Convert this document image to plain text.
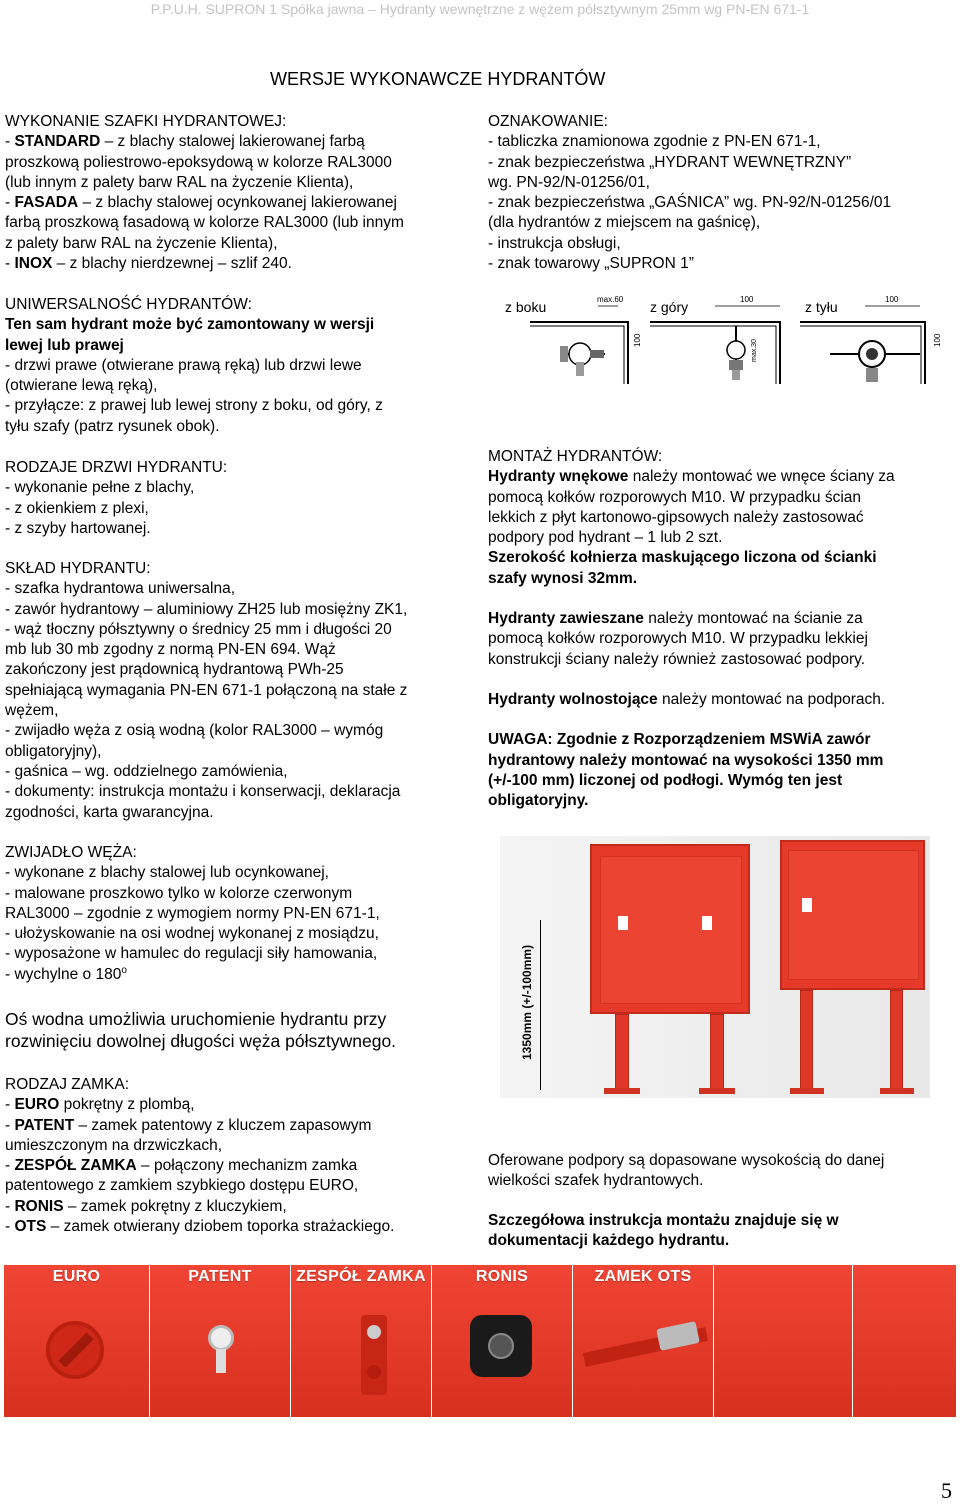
P.P.U.H. SUPRON 1 Spółka jawna – Hydranty wewnętrzne z wężem półsztywnym 25mm wg PN-EN 671-1
WERSJE WYKONAWCZE HYDRANTÓW

WYKONANIE SZAFKI HYDRANTOWEJ:

- STANDARD – z blachy stalowej lakierowanej farbą

proszkową poliestrowo-epoksydową w kolorze RAL3000

(lub innym z palety barw RAL na życzenie Klienta),

- FASADA – z blachy stalowej ocynkowanej lakierowanej

farbą proszkową fasadową w kolorze RAL3000 (lub innym

z palety barw RAL na życzenie Klienta),

- INOX – z blachy nierdzewnej – szlif 240.

OZNAKOWANIE:

- tabliczka znamionowa zgodnie z PN-EN 671-1,

- znak bezpieczeństwa „HYDRANT WEWNĘTRZNY”

wg. PN-92/N-01256/01,

- znak bezpieczeństwa „GAŚNICA” wg. PN-92/N-01256/01

(dla hydrantów z miejscem na gaśnicę),

- instrukcja obsługi,

- znak towarowy „SUPRON 1”

UNIWERSALNOŚĆ HYDRANTÓW:

Ten sam hydrant może być zamontowany w wersji

lewej lub prawej

- drzwi prawe (otwierane prawą ręką) lub drzwi lewe

(otwierane lewą ręką),

- przyłącze: z prawej lub lewej strony z boku, od góry, z

tyłu szafy (patrz rysunek obok).

z boku	max.60
100
z góry	100
max.30
z tyłu	100
100

RODZAJE DRZWI HYDRANTU:

- wykonanie pełne z blachy,

- z okienkiem z plexi,

- z szyby hartowanej.

SKŁAD HYDRANTU:

- szafka hydrantowa uniwersalna,

- zawór hydrantowy – aluminiowy ZH25 lub mosiężny ZK1,

- wąż tłoczny półsztywny o średnicy 25 mm i długości 20

mb lub 30 mb zgodny z normą PN-EN 694. Wąż

zakończony jest prądownicą hydrantową PWh-25

spełniającą wymagania PN-EN 671-1 połączoną na stałe z

wężem,

- zwijadło węża z osią wodną (kolor RAL3000 – wymóg

obligatoryjny),

- gaśnica – wg. oddzielnego zamówienia,

- dokumenty: instrukcja montażu i konserwacji, deklaracja

zgodności, karta gwarancyjna.

MONTAŻ HYDRANTÓW:

Hydranty wnękowe należy montować we wnęce ściany za

pomocą kołków rozporowych M10. W przypadku ścian

lekkich z płyt kartonowo-gipsowych należy zastosować

podpory pod hydrant – 1 lub 2 szt.

Szerokość kołnierza maskującego liczona od ścianki

szafy wynosi 32mm.

Hydranty zawieszane należy montować na ścianie za

pomocą kołków rozporowych M10. W przypadku lekkiej

konstrukcji ściany należy również zastosować podpory.

Hydranty wolnostojące należy montować na podporach.

UWAGA: Zgodnie z Rozporządzeniem MSWiA zawór

hydrantowy należy montować na wysokości 1350 mm

(+/-100 mm) liczonej od podłogi. Wymóg ten jest

obligatoryjny.

1350mm (+/-100mm)

ZWIJADŁO WĘŻA:

- wykonane z blachy stalowej lub ocynkowanej,

- malowane proszkowo tylko w kolorze czerwonym

RAL3000 – zgodnie z wymogiem normy PN-EN 671-1,

- ułożyskowanie na osi wodnej wykonanej z mosiądzu,

- wyposażone w hamulec do regulacji siły hamowania,

- wychylne o 180$^o$

Oś wodna umożliwia uruchomienie hydrantu przy

rozwinięciu dowolnej długości węża półsztywnego.

RODZAJ ZAMKA:

- EURO pokrętny z plombą,

- PATENT – zamek patentowy z kluczem zapasowym

umieszczonym na drzwiczkach,

- ZESPÓŁ ZAMKA – połączony mechanizm zamka

patentowego z zamkiem szybkiego dostępu EURO,

- RONIS – zamek pokrętny z kluczykiem,

- OTS – zamek otwierany dziobem toporka strażackiego.

Oferowane podpory są dopasowane wysokością do danej

wielkości szafek hydrantowych.

Szczegółowa instrukcja montażu znajduje się w

dokumentacji każdego hydrantu.

EURO	PATENT	ZESPÓŁ ZAMKA	RONIS	ZAMEK OTS
5
